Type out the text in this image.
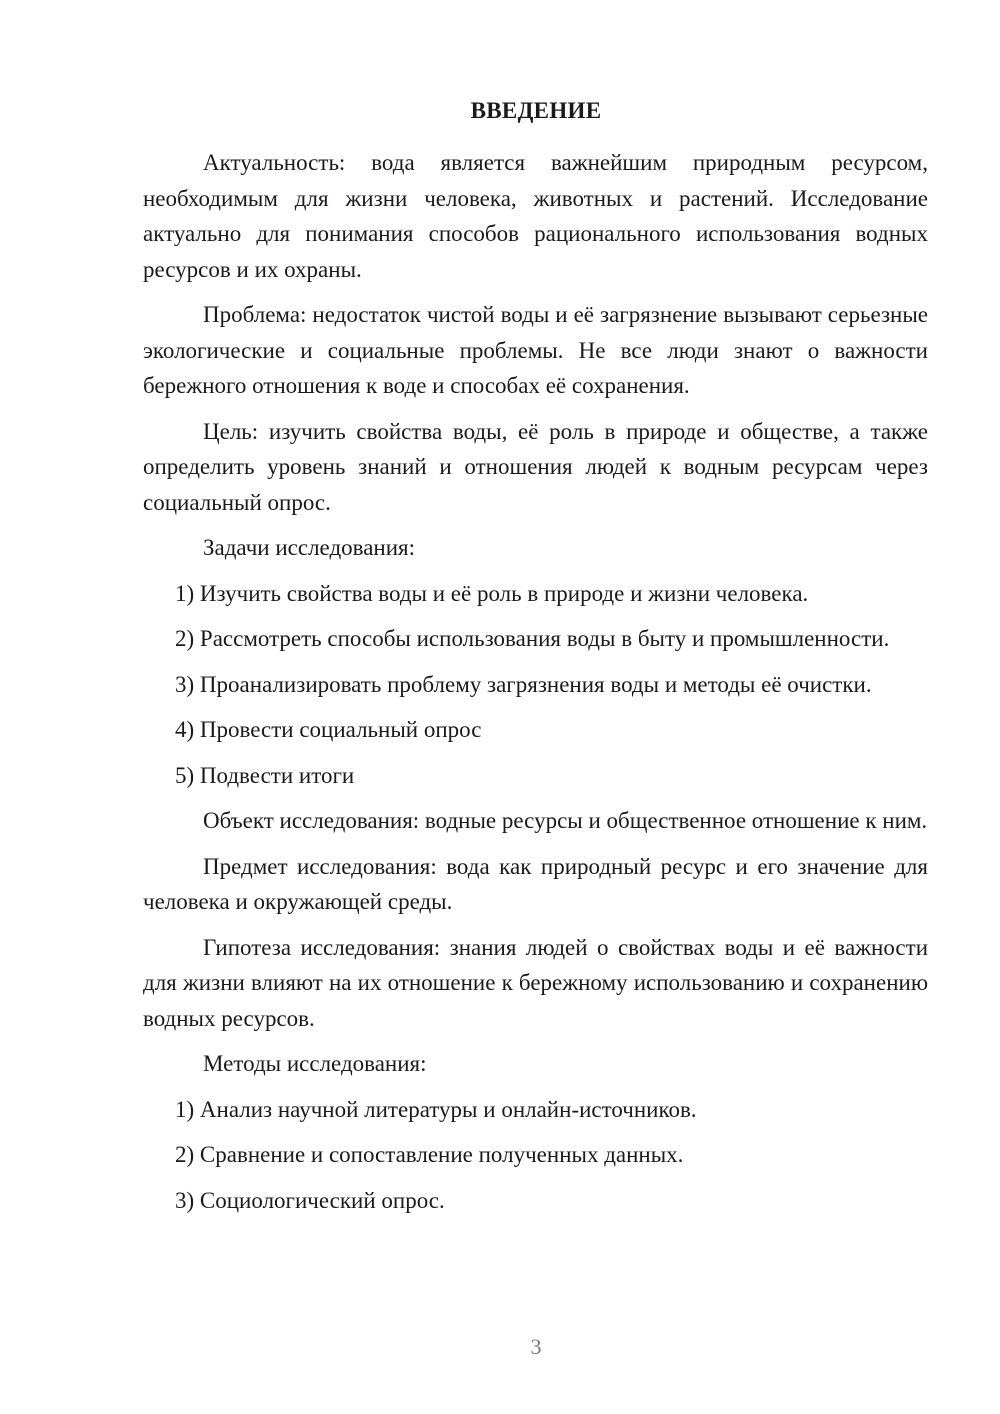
ВВЕДЕНИЕ

Актуальность: вода является важнейшим природным ресурсом, необходимым для жизни человека, животных и растений. Исследование актуально для понимания способов рационального использования водных ресурсов и их охраны.

Проблема: недостаток чистой воды и её загрязнение вызывают серьезные экологические и социальные проблемы. Не все люди знают о важности бережного отношения к воде и способах её сохранения.

Цель: изучить свойства воды, её роль в природе и обществе, а также определить уровень знаний и отношения людей к водным ресурсам через социальный опрос.

Задачи исследования:

1) Изучить свойства воды и её роль в природе и жизни человека.

2) Рассмотреть способы использования воды в быту и промышленности.

3) Проанализировать проблему загрязнения воды и методы её очистки.

4) Провести социальный опрос

5) Подвести итоги

Объект исследования: водные ресурсы и общественное отношение к ним.

Предмет исследования: вода как природный ресурс и его значение для человека и окружающей среды.

Гипотеза исследования: знания людей о свойствах воды и её важности для жизни влияют на их отношение к бережному использованию и сохранению водных ресурсов.

Методы исследования:

1) Анализ научной литературы и онлайн-источников.

2) Сравнение и сопоставление полученных данных.

3) Социологический опрос.

3
